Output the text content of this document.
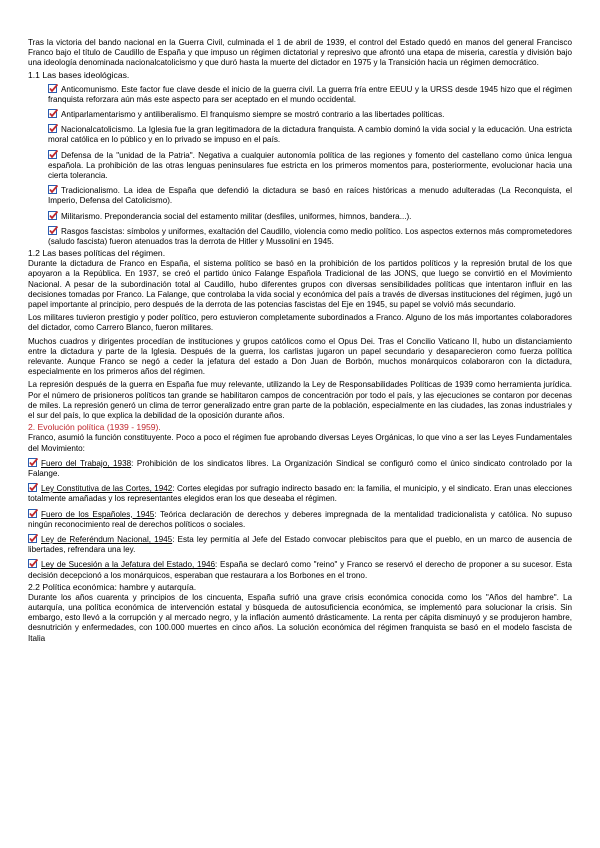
Tras la victoria del bando nacional en la Guerra Civil, culminada el 1 de abril de 1939, el control del Estado quedó en manos del general Francisco Franco bajo el título de Caudillo de España y que impuso un régimen dictatorial y represivo que afrontó una etapa de miseria, carestía y división bajo una ideología denominada nacionalcatolicismo y que duró hasta la muerte del dictador en 1975 y la Transición hacia un régimen democrático.

1.1 Las bases ideológicas.

Anticomunismo. Este factor fue clave desde el inicio de la guerra civil. La guerra fría entre EEUU y la URSS desde 1945 hizo que el régimen franquista reforzara aún más este aspecto para ser aceptado en el mundo occidental.
Antiparlamentarismo y antiliberalismo. El franquismo siempre se mostró contrario a las libertades políticas.
Nacionalcatolicismo. La Iglesia fue la gran legitimadora de la dictadura franquista. A cambio dominó la vida social y la educación. Una estricta moral católica en lo público y en lo privado se impuso en el país.
Defensa de la "unidad de la Patria". Negativa a cualquier autonomía política de las regiones y fomento del castellano como única lengua española. La prohibición de las otras lenguas peninsulares fue estricta en los primeros momentos para, posteriormente, evolucionar hacia una cierta tolerancia.
Tradicionalismo. La idea de España que defendió la dictadura se basó en raíces históricas a menudo adulteradas (La Reconquista, el Imperio, Defensa del Catolicismo).
Militarismo. Preponderancia social del estamento militar (desfiles, uniformes, himnos, bandera...).
Rasgos fascistas: símbolos y uniformes, exaltación del Caudillo, violencia como medio político. Los aspectos externos más comprometedores (saludo fascista) fueron atenuados tras la derrota de Hitler y Mussolini en 1945.

1.2 Las bases políticas del régimen.

Durante la dictadura de Franco en España, el sistema político se basó en la prohibición de los partidos políticos y la represión brutal de los que apoyaron a la República. En 1937, se creó el partido único Falange Española Tradicional de las JONS, que luego se convirtió en el Movimiento Nacional. A pesar de la subordinación total al Caudillo, hubo diferentes grupos con diversas sensibilidades políticas que intentaron influir en las decisiones tomadas por Franco. La Falange, que controlaba la vida social y económica del país a través de diversas instituciones del régimen, jugó un papel importante al principio, pero después de la derrota de las potencias fascistas del Eje en 1945, su papel se volvió más secundario.

Los militares tuvieron prestigio y poder político, pero estuvieron completamente subordinados a Franco. Alguno de los más importantes colaboradores del dictador, como Carrero Blanco, fueron militares.

Muchos cuadros y dirigentes procedían de instituciones y grupos católicos como el Opus Dei. Tras el Concilio Vaticano II, hubo un distanciamiento entre la dictadura y parte de la Iglesia. Después de la guerra, los carlistas jugaron un papel secundario y desaparecieron como fuerza política relevante. Aunque Franco se negó a ceder la jefatura del estado a Don Juan de Borbón, muchos monárquicos colaboraron con la dictadura, especialmente en los primeros años del régimen.

La represión después de la guerra en España fue muy relevante, utilizando la Ley de Responsabilidades Políticas de 1939 como herramienta jurídica. Por el número de prisioneros políticos tan grande se habilitaron campos de concentración por todo el país, y las ejecuciones se contaron por decenas de miles. La represión generó un clima de terror generalizado entre gran parte de la población, especialmente en las ciudades, las zonas industriales y el sur del país, lo que explica la debilidad de la oposición durante años.

2. Evolución política (1939 - 1959).

Franco, asumió la función constituyente. Poco a poco el régimen fue aprobando diversas Leyes Orgánicas, lo que vino a ser las Leyes Fundamentales del Movimiento:

Fuero del Trabajo, 1938: Prohibición de los sindicatos libres. La Organización Sindical se configuró como el único sindicato controlado por la Falange.
Ley Constitutiva de las Cortes, 1942: Cortes elegidas por sufragio indirecto basado en: la familia, el municipio, y el sindicato. Eran unas elecciones totalmente amañadas y los representantes elegidos eran los que deseaba el régimen.
Fuero de los Españoles, 1945: Teórica declaración de derechos y deberes impregnada de la mentalidad tradicionalista y católica. No supuso ningún reconocimiento real de derechos políticos o sociales.
Ley de Referéndum Nacional, 1945: Esta ley permitía al Jefe del Estado convocar plebiscitos para que el pueblo, en un marco de ausencia de libertades, refrendara una ley.
Ley de Sucesión a la Jefatura del Estado, 1946: España se declaró como "reino" y Franco se reservó el derecho de proponer a su sucesor. Esta decisión decepcionó a los monárquicos, esperaban que restaurara a los Borbones en el trono.

2.2 Política económica: hambre y autarquía.

Durante los años cuarenta y principios de los cincuenta, España sufrió una grave crisis económica conocida como los "Años del hambre". La autarquía, una política económica de intervención estatal y búsqueda de autosuficiencia económica, se implementó para solucionar la crisis. Sin embargo, esto llevó a la corrupción y al mercado negro, y la inflación aumentó drásticamente. La renta per cápita disminuyó y se produjeron hambre, desnutrición y enfermedades, con 100.000 muertes en cinco años. La solución económica del régimen franquista se basó en el modelo fascista de Italia
